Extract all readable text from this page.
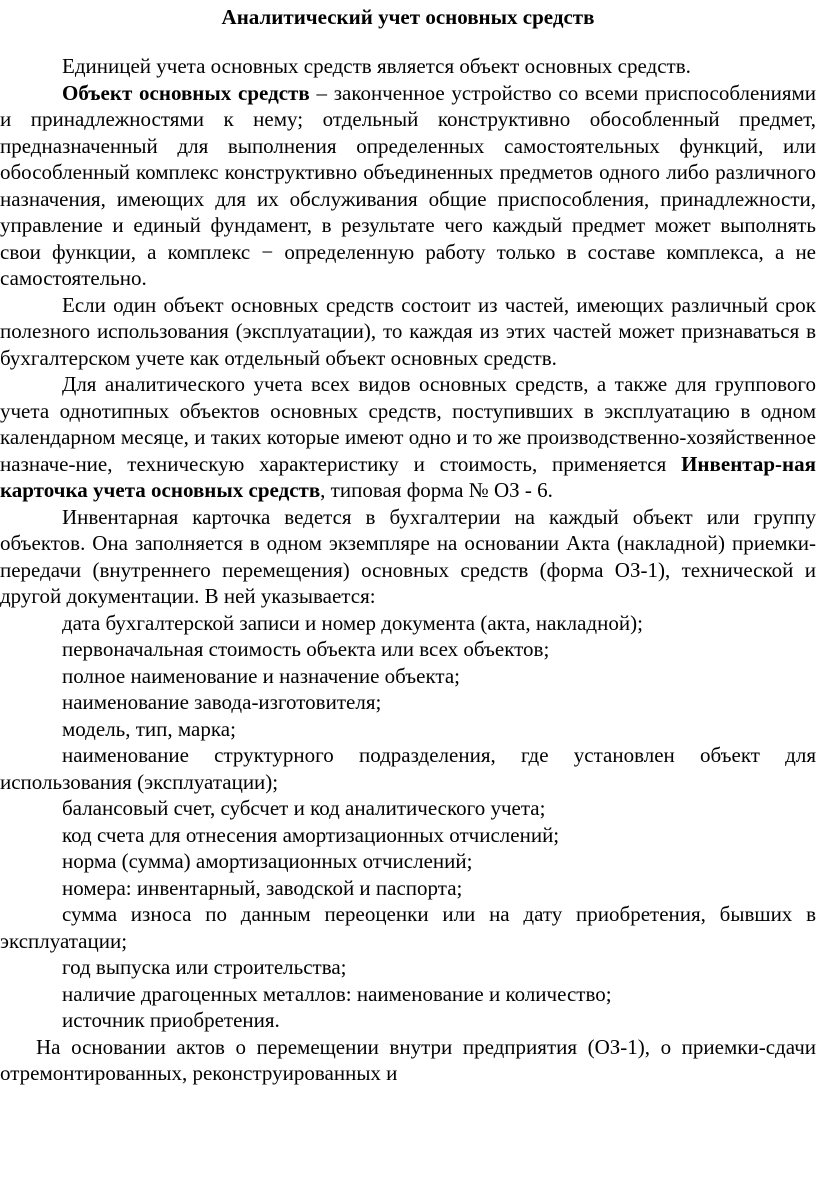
Аналитический учет основных средств

Единицей учета основных средств является объект основных средств.

Объект основных средств – законченное устройство со всеми приспособлениями и принадлежностями к нему; отдельный конструктивно обособленный предмет, предназначенный для выполнения определенных самостоятельных функций, или обособленный комплекс конструктивно объединенных предметов одного либо различного назначения, имеющих для их обслуживания общие приспособления, принадлежности, управление и единый фундамент, в результате чего каждый предмет может выполнять свои функции, а комплекс − определенную работу только в составе комплекса, а не самостоятельно.

Если один объект основных средств состоит из частей, имеющих различный срок полезного использования (эксплуатации), то каждая из этих частей может признаваться в бухгалтерском учете как отдельный объект основных средств.

Для аналитического учета всех видов основных средств, а также для группового учета однотипных объектов основных средств, поступивших в эксплуатацию в одном календарном месяце, и таких которые имеют одно и то же производственно-хозяйственное назначе-ние, техническую характеристику и стоимость, применяется Инвентар-ная карточка учета основных средств, типовая форма № ОЗ - 6.

Инвентарная карточка ведется в бухгалтерии на каждый объект или группу объектов. Она заполняется в одном экземпляре на основании Акта (накладной) приемки-передачи (внутреннего перемещения) основных средств (форма ОЗ-1), технической и другой документации. В ней указывается:

дата бухгалтерской записи и номер документа (акта, накладной);

первоначальная стоимость объекта или всех объектов;

полное наименование и назначение объекта;

наименование завода-изготовителя;

модель, тип, марка;

наименование структурного подразделения, где установлен объект для использования (эксплуатации);

балансовый счет, субсчет и код аналитического учета;

код счета для отнесения амортизационных отчислений;

норма (сумма) амортизационных отчислений;

номера: инвентарный, заводской и паспорта;

сумма износа по данным переоценки или на дату приобретения, бывших в эксплуатации;

год выпуска или строительства;

наличие драгоценных металлов: наименование и количество;

источник приобретения.

На основании актов о перемещении внутри предприятия (ОЗ-1), о приемки-сдачи отремонтированных, реконструированных и
